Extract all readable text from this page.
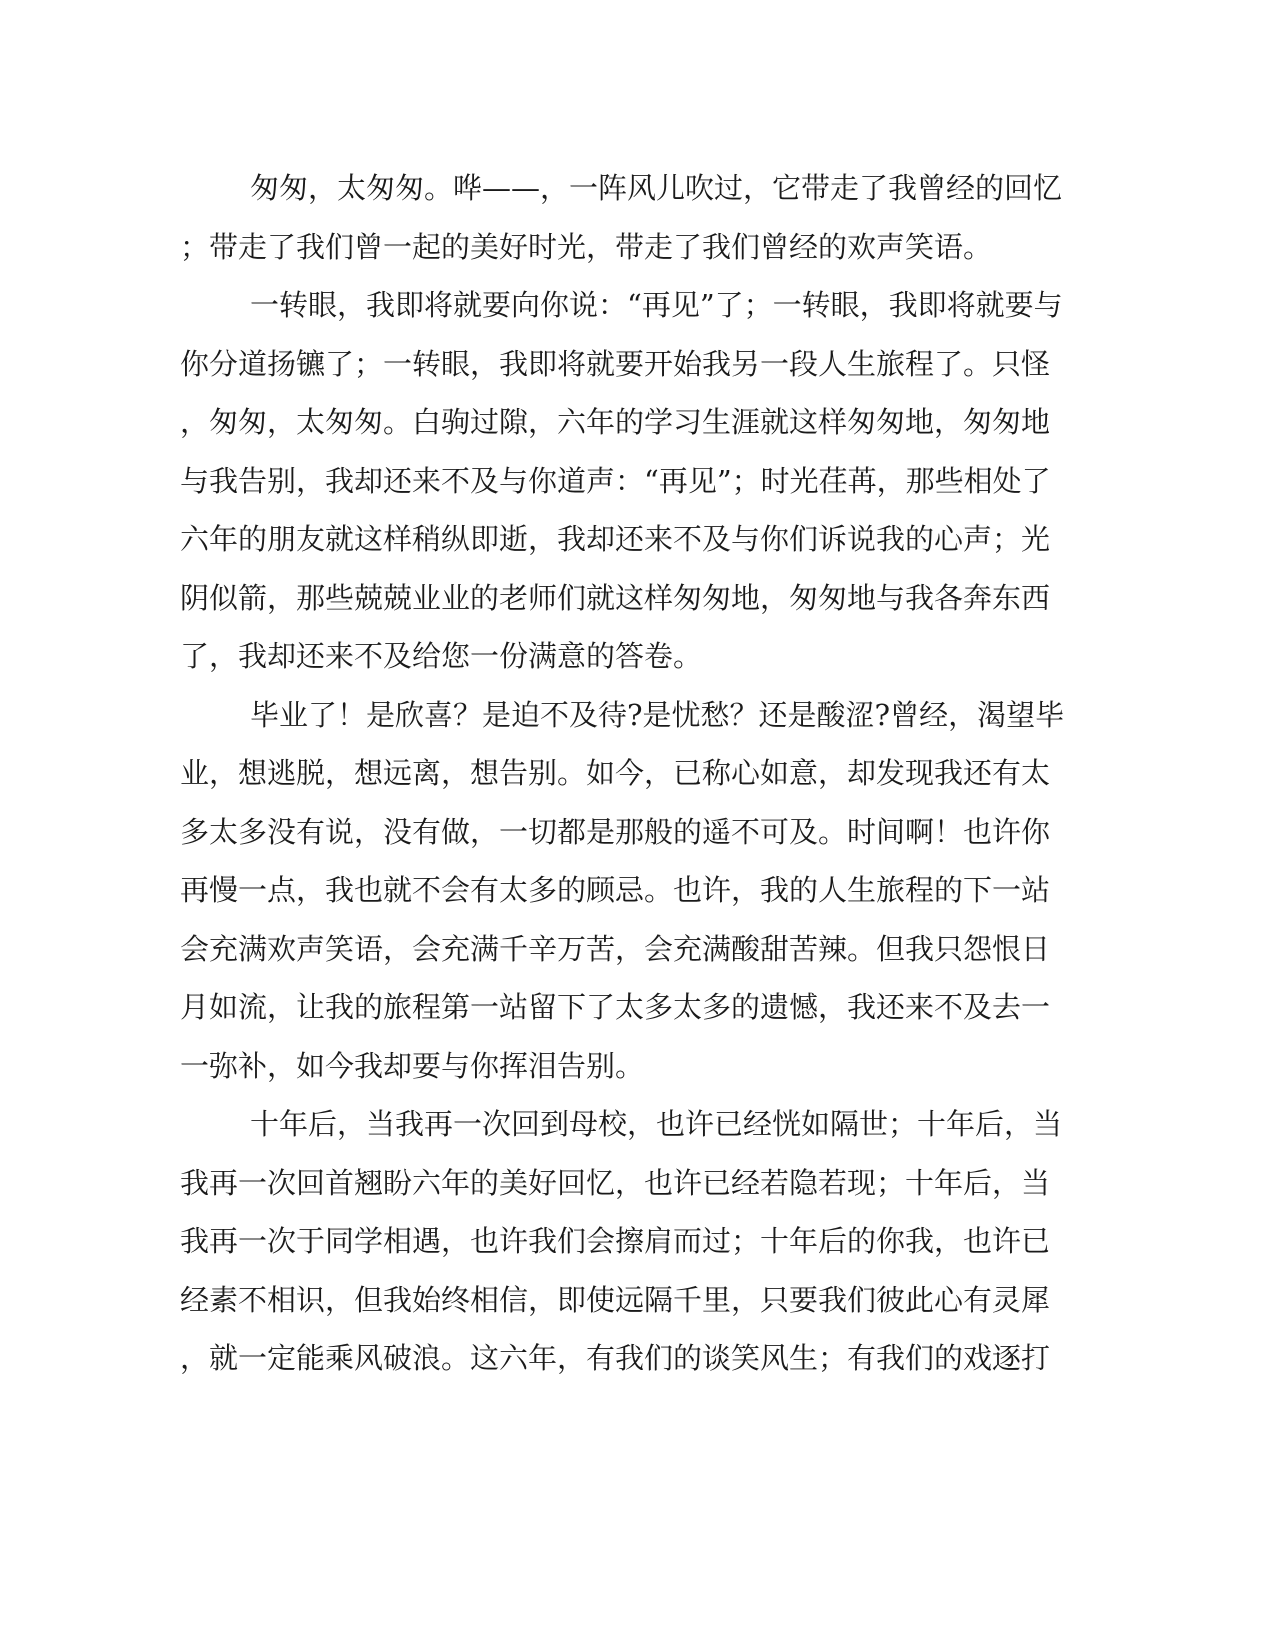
匆匆，太匆匆。哗——，一阵风儿吹过，它带走了我曾经的回忆
；带走了我们曾一起的美好时光，带走了我们曾经的欢声笑语。
一转眼，我即将就要向你说：“再见”了；一转眼，我即将就要与
你分道扬镳了；一转眼，我即将就要开始我另一段人生旅程了。只怪
，匆匆，太匆匆。白驹过隙，六年的学习生涯就这样匆匆地，匆匆地
与我告别，我却还来不及与你道声：“再见”；时光荏苒，那些相处了
六年的朋友就这样稍纵即逝，我却还来不及与你们诉说我的心声；光
阴似箭，那些兢兢业业的老师们就这样匆匆地，匆匆地与我各奔东西
了，我却还来不及给您一份满意的答卷。
毕业了！是欣喜？是迫不及待?是忧愁？还是酸涩?曾经，渴望毕
业，想逃脱，想远离，想告别。如今，已称心如意，却发现我还有太
多太多没有说，没有做，一切都是那般的遥不可及。时间啊！也许你
再慢一点，我也就不会有太多的顾忌。也许，我的人生旅程的下一站
会充满欢声笑语，会充满千辛万苦，会充满酸甜苦辣。但我只怨恨日
月如流，让我的旅程第一站留下了太多太多的遗憾，我还来不及去一
一弥补，如今我却要与你挥泪告别。
十年后，当我再一次回到母校，也许已经恍如隔世；十年后，当
我再一次回首翘盼六年的美好回忆，也许已经若隐若现；十年后，当
我再一次于同学相遇，也许我们会擦肩而过；十年后的你我，也许已
经素不相识，但我始终相信，即使远隔千里，只要我们彼此心有灵犀
，就一定能乘风破浪。这六年，有我们的谈笑风生；有我们的戏逐打
